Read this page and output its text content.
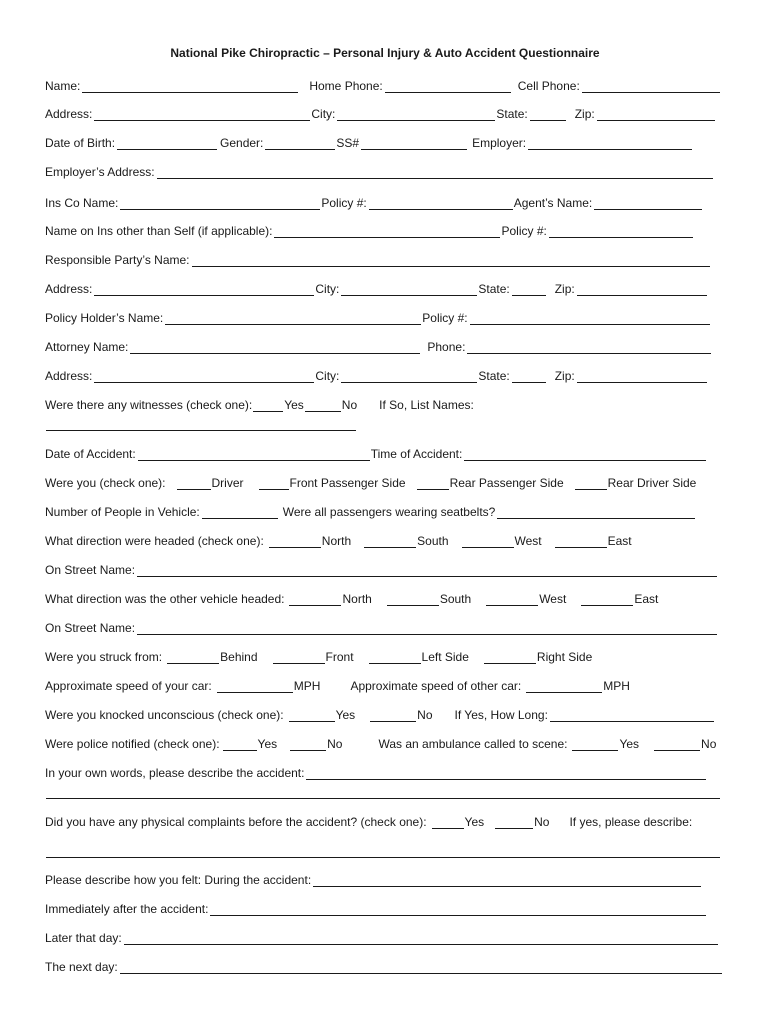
National Pike Chiropractic – Personal Injury & Auto Accident Questionnaire
Name:	Home Phone:	Cell Phone:
Address:	City:	State:	Zip:
Date of Birth:	Gender:	SS#	Employer:
Employer’s Address:
Ins Co Name:	Policy #:	Agent’s Name:
Name on Ins other than Self (if applicable):	Policy #:
Responsible Party’s Name:
Address:	City:	State:	Zip:
Policy Holder’s Name:	Policy #:
Attorney Name:	Phone:
Address:	City:	State:	Zip:
Were there any witnesses (check one):	Yes	No If So, List Names:
Date of Accident:	Time of Accident:
Were you (check one):	Driver	Front Passenger Side	Rear Passenger Side	Rear Driver Side
Number of People in Vehicle:	Were all passengers wearing seatbelts?
What direction were headed (check one):	North	South	West	East
On Street Name:
What direction was the other vehicle headed:	North	South	West	East
On Street Name:
Were you struck from:	Behind	Front	Left Side	Right Side
Approximate speed of your car:	MPH	Approximate speed of other car:	MPH
Were you knocked unconscious (check one):	Yes	No If Yes, How Long:
Were police notified (check one):	Yes	No	Was an ambulance called to scene:	Yes	No
In your own words, please describe the accident:
Did you have any physical complaints before the accident? (check one):	Yes	No If yes, please describe:
Please describe how you felt: During the accident:
Immediately after the accident:
Later that day:
The next day:
